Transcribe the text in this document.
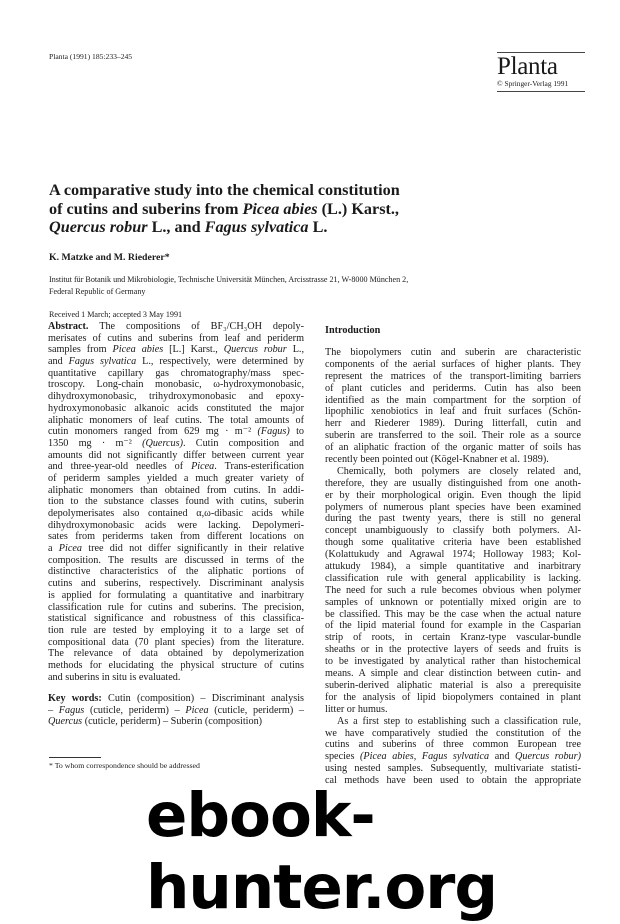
Planta (1991) 185:233–245	Planta
© Springer-Verlag 1991
A comparative study into the chemical constitution
of cutins and suberins from Picea abies (L.) Karst.,
Quercus robur L., and Fagus sylvatica L.
K. Matzke and M. Riederer*
Institut für Botanik und Mikrobiologie, Technische Universität München, Arcisstrasse 21, W-8000 München 2,
Federal Republic of Germany
Received 1 March; accepted 3 May 1991
Abstract. The compositions of BF₃/CH₃OH depoly-
merisates of cutins and suberins from leaf and periderm
samples from Picea abies [L.] Karst., Quercus robur L.,
and Fagus sylvatica L., respectively, were determined by
quantitative capillary gas chromatography/mass spec-
troscopy. Long-chain monobasic, ω-hydroxymonobasic,
dihydroxymonobasic, trihydroxymonobasic and epoxy-
hydroxymonobasic alkanoic acids constituted the major
aliphatic monomers of leaf cutins. The total amounts of
cutin monomers ranged from 629 mg · m⁻² (Fagus) to
1350 mg · m⁻² (Quercus). Cutin composition and
amounts did not significantly differ between current year
and three-year-old needles of Picea. Trans-esterification
of periderm samples yielded a much greater variety of
aliphatic monomers than obtained from cutins. In addi-
tion to the substance classes found with cutins, suberin
depolymerisates also contained α,ω-dibasic acids while
dihydroxymonobasic acids were lacking. Depolymeri-
sates from periderms taken from different locations on
a Picea tree did not differ significantly in their relative
composition. The results are discussed in terms of the
distinctive characteristics of the aliphatic portions of
cutins and suberins, respectively. Discriminant analysis
is applied for formulating a quantitative and inarbitrary
classification rule for cutins and suberins. The precision,
statistical significance and robustness of this classifica-
tion rule are tested by employing it to a large set of
compositional data (70 plant species) from the literature.
The relevance of data obtained by depolymerization
methods for elucidating the physical structure of cutins
and suberins in situ is evaluated.
Key words: Cutin (composition) – Discriminant analysis
– Fagus (cuticle, periderm) – Picea (cuticle, periderm) –
Quercus (cuticle, periderm) – Suberin (composition)
Introduction
The biopolymers cutin and suberin are characteristic
components of the aerial surfaces of higher plants. They
represent the matrices of the transport-limiting barriers
of plant cuticles and periderms. Cutin has also been
identified as the main compartment for the sorption of
lipophilic xenobiotics in leaf and fruit surfaces (Schön-
herr and Riederer 1989). During litterfall, cutin and
suberin are transferred to the soil. Their role as a source
of an aliphatic fraction of the organic matter of soils has
recently been pointed out (Kögel-Knabner et al. 1989).
Chemically, both polymers are closely related and,
therefore, they are usually distinguished from one anoth-
er by their morphological origin. Even though the lipid
polymers of numerous plant species have been examined
during the past twenty years, there is still no general
concept unambiguously to classify both polymers. Al-
though some qualitative criteria have been established
(Kolattukudy and Agrawal 1974; Holloway 1983; Kol-
attukudy 1984), a simple quantitative and inarbitrary
classification rule with general applicability is lacking.
The need for such a rule becomes obvious when polymer
samples of unknown or potentially mixed origin are to
be classified. This may be the case when the actual nature
of the lipid material found for example in the Casparian
strip of roots, in certain Kranz-type vascular-bundle
sheaths or in the protective layers of seeds and fruits is
to be investigated by analytical rather than histochemical
means. A simple and clear distinction between cutin- and
suberin-derived aliphatic material is also a prerequisite
for the analysis of lipid biopolymers contained in plant
litter or humus.
As a first step to establishing such a classification rule,
we have comparatively studied the constitution of the
cutins and suberins of three common European tree
species (Picea abies, Fagus sylvatica and Quercus robur)
using nested samples. Subsequently, multivariate statisti-
cal methods have been used to obtain the appropriate
* To whom correspondence should be addressed
ebook-hunter.org
